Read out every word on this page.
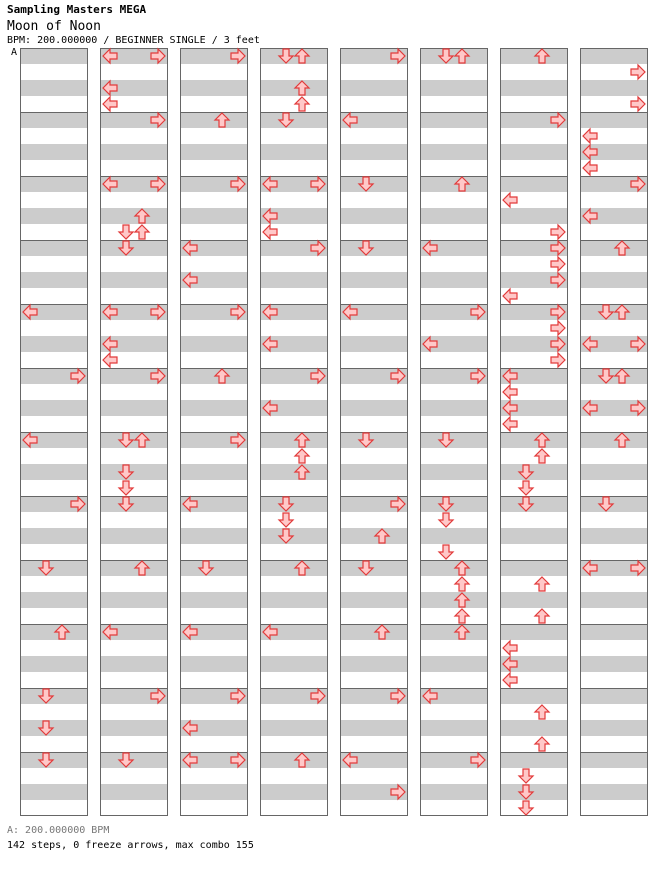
Sampling Masters MEGA
Moon of Noon
BPM: 200.000000 / BEGINNER SINGLE / 3 feet
A
A: 200.000000 BPM
142 steps, 0 freeze arrows, max combo 155
